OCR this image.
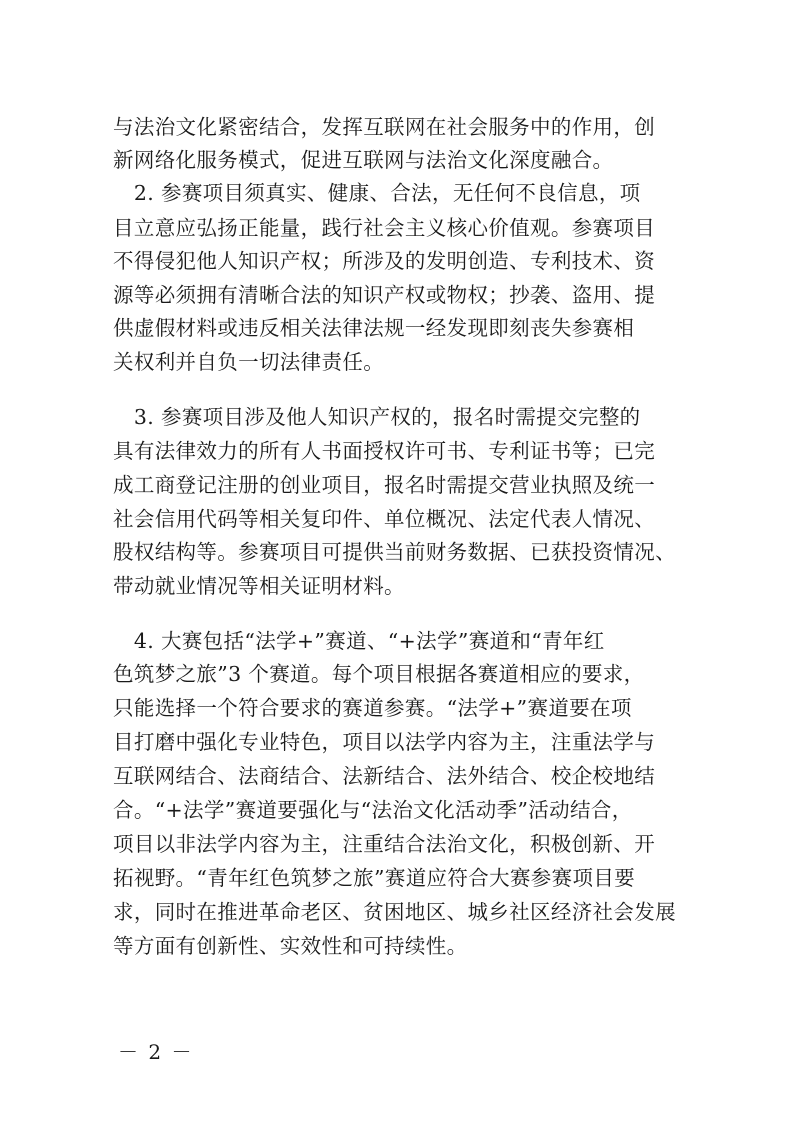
与法治文化紧密结合，发挥互联网在社会服务中的作用，创
新网络化服务模式，促进互联网与法治文化深度融合。
　2. 参赛项目须真实、健康、合法，无任何不良信息，项
目立意应弘扬正能量，践行社会主义核心价值观。参赛项目
不得侵犯他人知识产权；所涉及的发明创造、专利技术、资
源等必须拥有清晰合法的知识产权或物权；抄袭、盗用、提
供虚假材料或违反相关法律法规一经发现即刻丧失参赛相
关权利并自负一切法律责任。
　3. 参赛项目涉及他人知识产权的，报名时需提交完整的
具有法律效力的所有人书面授权许可书、专利证书等；已完
成工商登记注册的创业项目，报名时需提交营业执照及统一
社会信用代码等相关复印件、单位概况、法定代表人情况、
股权结构等。参赛项目可提供当前财务数据、已获投资情况、
带动就业情况等相关证明材料。
　4. 大赛包括“法学+”赛道、“+法学”赛道和“青年红
色筑梦之旅”3 个赛道。每个项目根据各赛道相应的要求，
只能选择一个符合要求的赛道参赛。“法学+”赛道要在项
目打磨中强化专业特色，项目以法学内容为主，注重法学与
互联网结合、法商结合、法新结合、法外结合、校企校地结
合。“+法学”赛道要强化与“法治文化活动季”活动结合，
项目以非法学内容为主，注重结合法治文化，积极创新、开
拓视野。“青年红色筑梦之旅”赛道应符合大赛参赛项目要
求，同时在推进革命老区、贫困地区、城乡社区经济社会发展
等方面有创新性、实效性和可持续性。
－ 2 －
